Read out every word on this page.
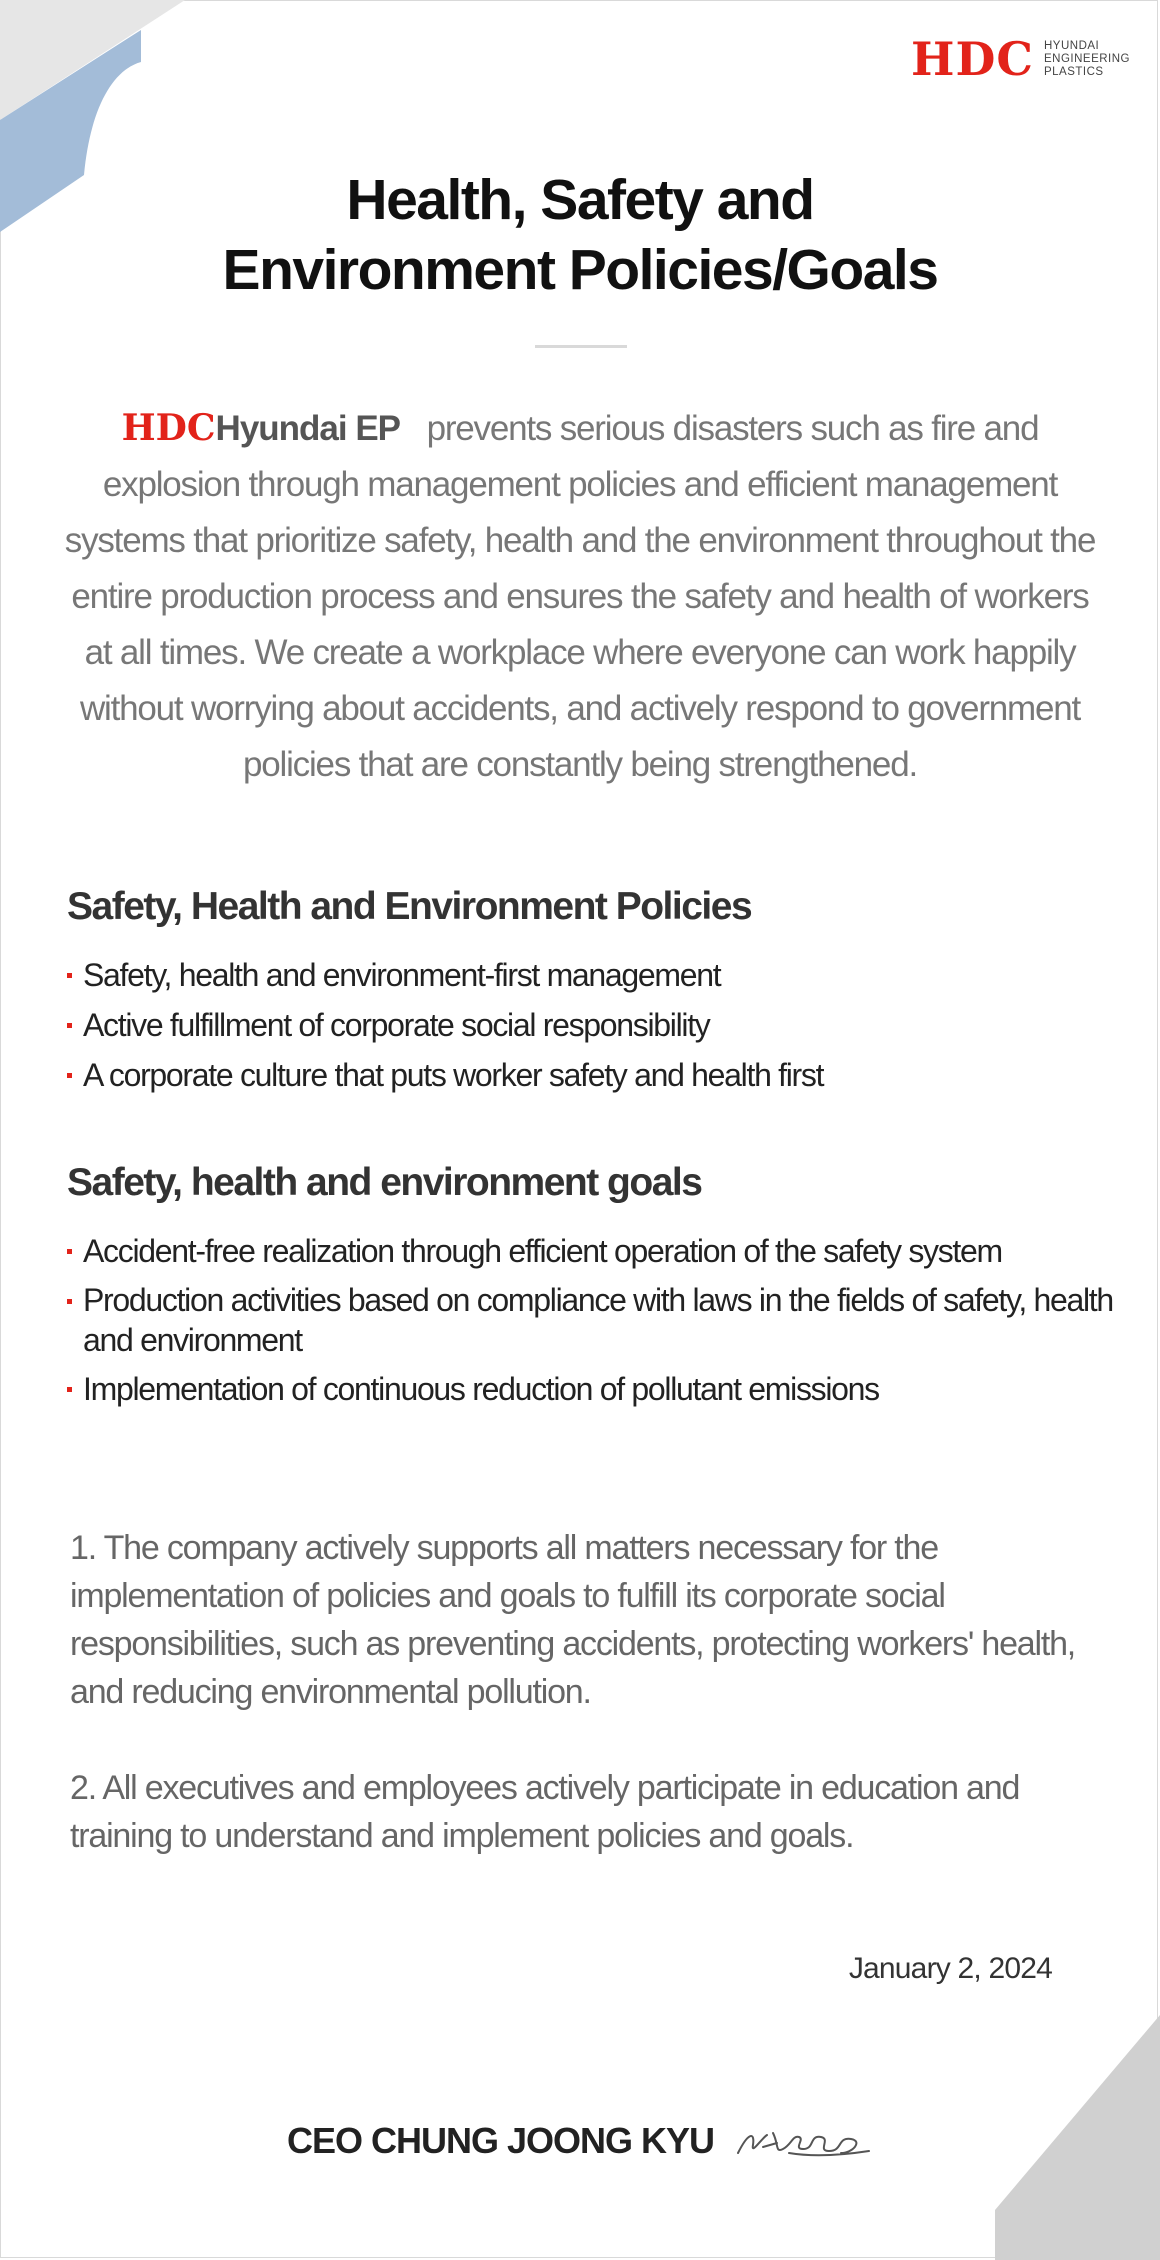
HDC HYUNDAI
ENGINEERING
PLASTICS
Health, Safety and
Environment Policies/Goals

HDCHyundai EP prevents serious disasters such as fire and explosion through management policies and efficient management systems that prioritize safety, health and the environment throughout the entire production process and ensures the safety and health of workers at all times. We create a workplace where everyone can work happily without worrying about accidents, and actively respond to government policies that are constantly being strengthened.

Safety, Health and Environment Policies
Safety, health and environment-first management
Active fulfillment of corporate social responsibility
A corporate culture that puts worker safety and health first
Safety, health and environment goals
Accident-free realization through efficient operation of the safety system
Production activities based on compliance with laws in the fields of safety, health and environment
Implementation of continuous reduction of pollutant emissions

1. The company actively supports all matters necessary for the implementation of policies and goals to fulfill its corporate social responsibilities, such as preventing accidents, protecting workers' health, and reducing environmental pollution.

2. All executives and employees actively participate in education and training to understand and implement policies and goals.

January 2, 2024
CEO CHUNG JOONG KYU
